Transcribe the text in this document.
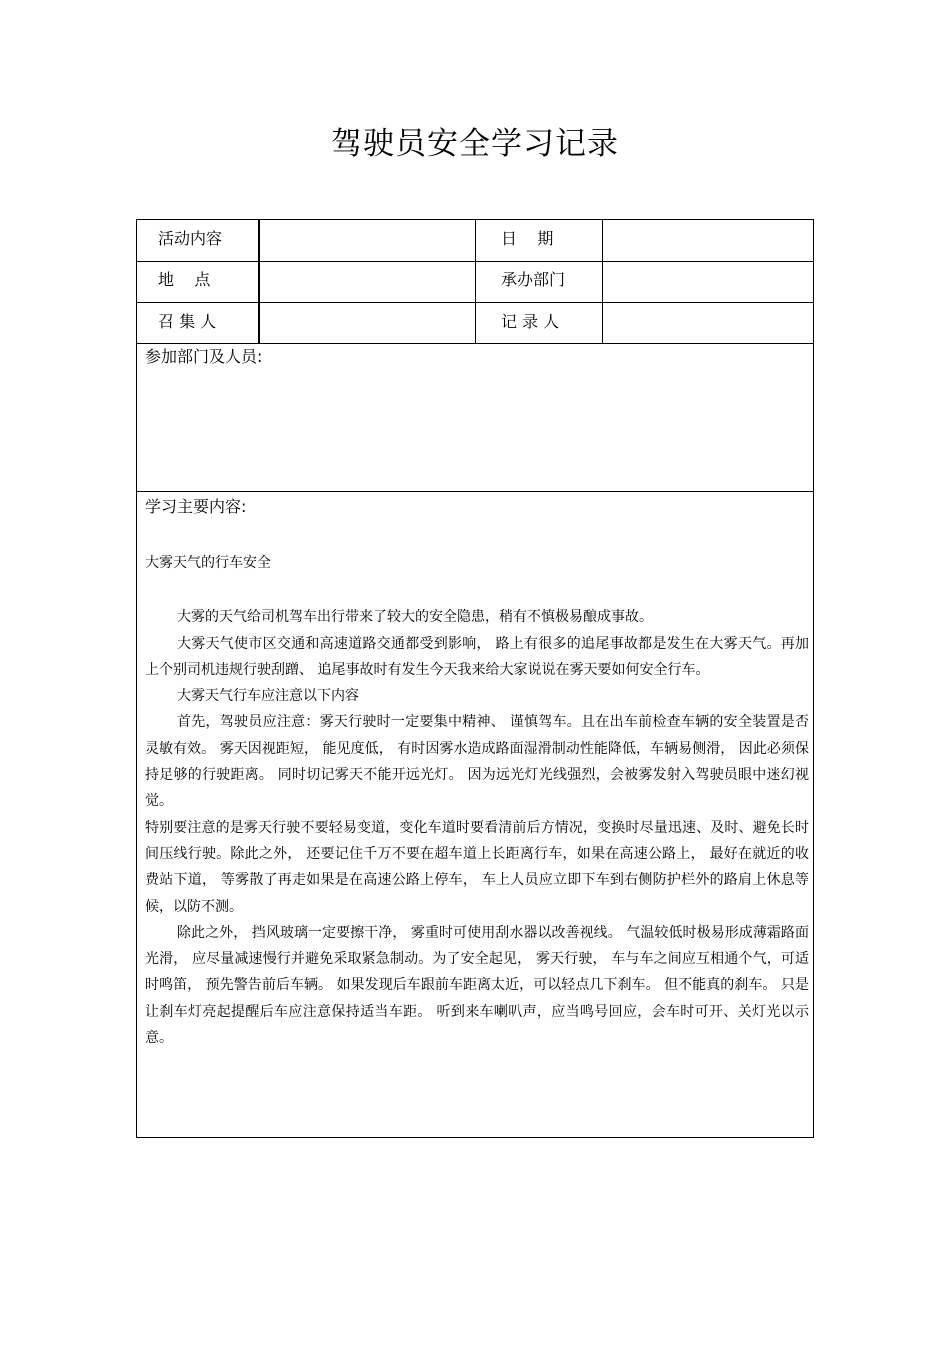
驾驶员安全学习记录
活动内容	日    期
地    点	承办部门
召 集 人	记 录 人
参加部门及人员:
学习主要内容:

大雾天气的行车安全

大雾的天气给司机驾车出行带来了较大的安全隐患，稍有不慎极易酿成事故。

大雾天气使市区交通和高速道路交通都受到影响， 路上有很多的追尾事故都是发生在大雾天气。再加上个别司机违规行驶刮蹭、 追尾事故时有发生今天我来给大家说说在雾天要如何安全行车。

大雾天气行车应注意以下内容

首先，驾驶员应注意：雾天行驶时一定要集中精神、 谨慎驾车。且在出车前检查车辆的安全装置是否灵敏有效。 雾天因视距短， 能见度低， 有时因雾水造成路面湿滑制动性能降低，车辆易侧滑， 因此必须保持足够的行驶距离。 同时切记雾天不能开远光灯。 因为远光灯光线强烈，会被雾发射入驾驶员眼中迷幻视觉。

特别要注意的是雾天行驶不要轻易变道，变化车道时要看清前后方情况，变换时尽量迅速、及时、避免长时间压线行驶。除此之外， 还要记住千万不要在超车道上长距离行车，如果在高速公路上， 最好在就近的收费站下道， 等雾散了再走如果是在高速公路上停车， 车上人员应立即下车到右侧防护栏外的路肩上休息等候，以防不测。

除此之外， 挡风玻璃一定要擦干净， 雾重时可使用刮水器以改善视线。 气温较低时极易形成薄霜路面光滑， 应尽量减速慢行并避免采取紧急制动。为了安全起见， 雾天行驶， 车与车之间应互相通个气，可适时鸣笛， 预先警告前后车辆。 如果发现后车跟前车距离太近，可以轻点几下刹车。 但不能真的刹车。 只是让刹车灯亮起提醒后车应注意保持适当车距。 听到来车喇叭声，应当鸣号回应，会车时可开、关灯光以示意。
